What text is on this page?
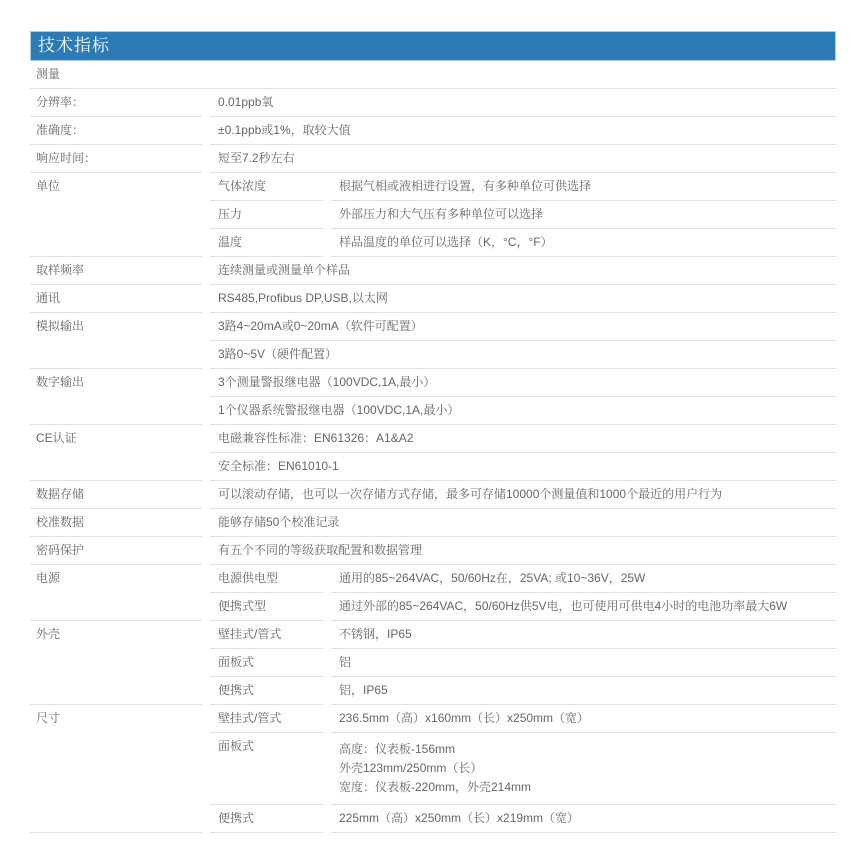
技术指标
测量		
分辨率：	0.01ppb氧	
准确度：	±0.1ppb或1%，取较大值	
响应时间：	短至7.2秒左右	
单位	气体浓度	根据气相或液相进行设置，有多种单位可供选择
	压力	外部压力和大气压有多种单位可以选择
	温度	样品温度的单位可以选择（K，°C，°F）
取样频率	连续测量或测量单个样品	
通讯	RS485,Profibus DP,USB,以太网	
模拟输出	3路4~20mA或0~20mA（软件可配置）	
	3路0~5V（硬件配置）	
数字输出	3个测量警报继电器（100VDC,1A,最小）	
	1个仪器系统警报继电器（100VDC,1A,最小）	
CE认证	电磁兼容性标准：EN61326：A1&A2	
	安全标准：EN61010-1	
数据存储	可以滚动存储，也可以一次存储方式存储，最多可存储10000个测量值和1000个最近的用户行为	
校准数据	能够存储50个校准记录	
密码保护	有五个不同的等级获取配置和数据管理	
电源	电源供电型	通用的85~264VAC，50/60Hz在，25VA; 或10~36V，25W
	便携式型	通过外部的85~264VAC，50/60Hz供5V电，也可使用可供电4小时的电池功率最大6W
外壳	壁挂式/管式	不锈钢，IP65
	面板式	铝
	便携式	铝，IP65
尺寸	壁挂式/管式	236.5mm（高）x160mm（长）x250mm（宽）
	面板式	高度：仪表板-156mm
外壳123mm/250mm（长）
宽度：仪表板-220mm，外壳214mm
	便携式	225mm（高）x250mm（长）x219mm（宽）
